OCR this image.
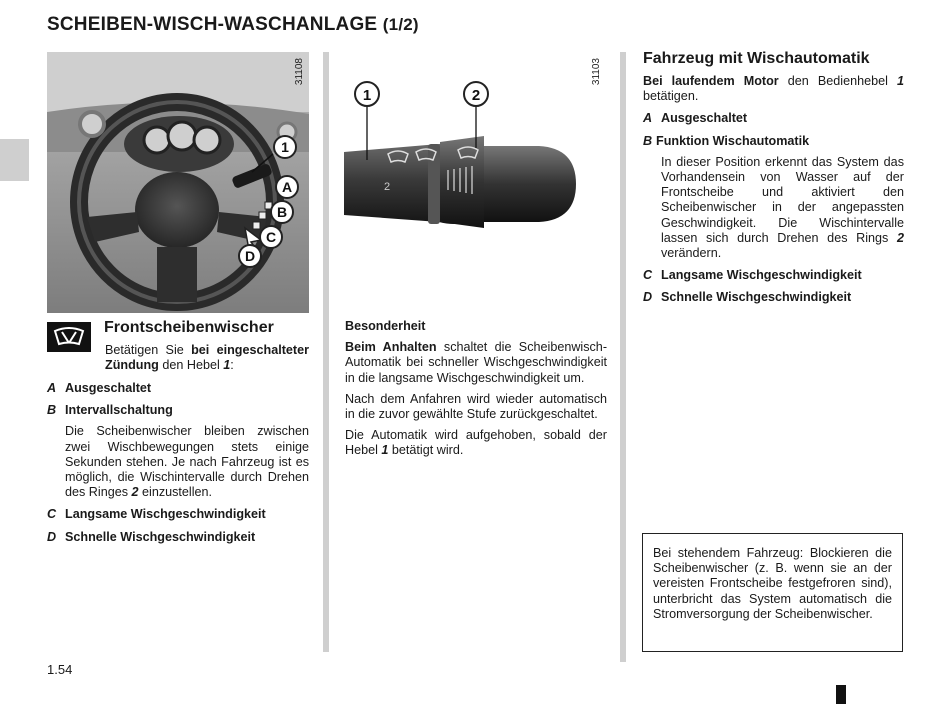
SCHEIBEN-WISCH-WASCHANLAGE (1/2)
1
A
B
C
D
31108
Frontscheibenwischer
Betätigen Sie bei eingeschalteter Zündung den Hebel 1:
A Ausgeschaltet
B Intervallschaltung
Die Scheibenwischer bleiben zwischen zwei Wischbewegungen stets einige Sekunden stehen. Je nach Fahrzeug ist es möglich, die Wischintervalle durch Drehen des Ringes 2 einzustellen.
C Langsame Wischgeschwindigkeit
D Schnelle Wischgeschwindigkeit
2
1	2
31103
Besonderheit
Beim Anhalten schaltet die Scheibenwisch-Automatik bei schneller Wischgeschwindigkeit in die langsame Wischgeschwindigkeit um.
Nach dem Anfahren wird wieder automatisch in die zuvor gewählte Stufe zurückgeschaltet.
Die Automatik wird aufgehoben, sobald der Hebel 1 betätigt wird.
Fahrzeug mit Wischautomatik
Bei laufendem Motor den Bedienhebel 1 betätigen.
A Ausgeschaltet
B Funktion Wischautomatik
In dieser Position erkennt das System das Vorhandensein von Wasser auf der Frontscheibe und aktiviert den Scheibenwischer in der angepassten Geschwindigkeit. Die Wischintervalle lassen sich durch Drehen des Rings 2 verändern.
C Langsame Wischgeschwindigkeit
D Schnelle Wischgeschwindigkeit
Bei stehendem Fahrzeug: Blockieren die Scheibenwischer (z. B. wenn sie an der vereisten Frontscheibe festgefroren sind), unterbricht das System automatisch die Stromversorgung der Scheibenwischer.
1.54
